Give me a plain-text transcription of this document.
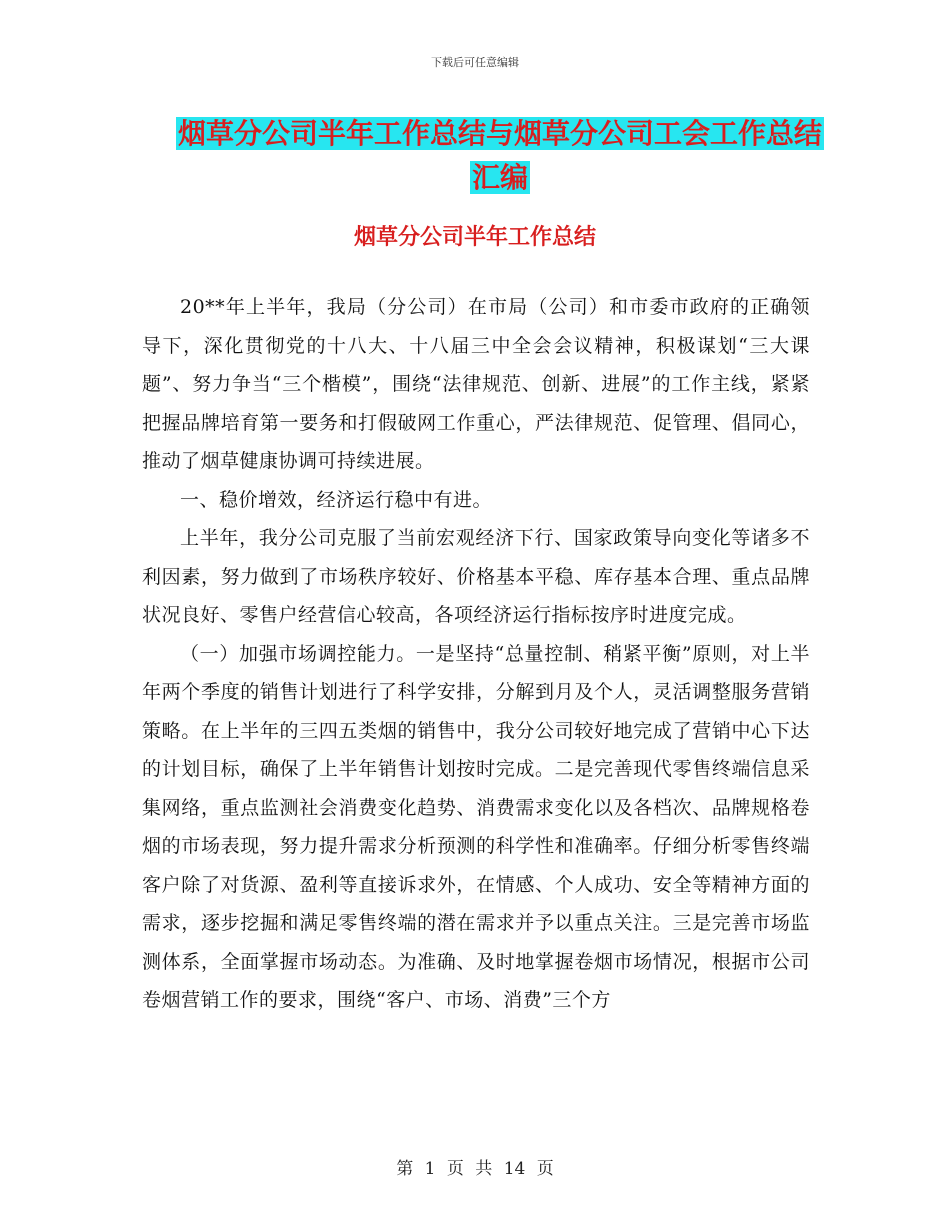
下载后可任意编辑
烟草分公司半年工作总结与烟草分公司工会工作总结
汇编
烟草分公司半年工作总结

20**年上半年，我局（分公司）在市局（公司）和市委市政府的正确领导下，深化贯彻党的十八大、十八届三中全会会议精神，积极谋划“三大课题”、努力争当“三个楷模”，围绕“法律规范、创新、进展”的工作主线，紧紧把握品牌培育第一要务和打假破网工作重心，严法律规范、促管理、倡同心，推动了烟草健康协调可持续进展。

一、稳价增效，经济运行稳中有进。

上半年，我分公司克服了当前宏观经济下行、国家政策导向变化等诸多不利因素，努力做到了市场秩序较好、价格基本平稳、库存基本合理、重点品牌状况良好、零售户经营信心较高，各项经济运行指标按序时进度完成。

（一）加强市场调控能力。一是坚持“总量控制、稍紧平衡”原则，对上半年两个季度的销售计划进行了科学安排，分解到月及个人，灵活调整服务营销策略。在上半年的三四五类烟的销售中，我分公司较好地完成了营销中心下达的计划目标，确保了上半年销售计划按时完成。二是完善现代零售终端信息采集网络，重点监测社会消费变化趋势、消费需求变化以及各档次、品牌规格卷烟的市场表现，努力提升需求分析预测的科学性和准确率。仔细分析零售终端客户除了对货源、盈利等直接诉求外，在情感、个人成功、安全等精神方面的需求，逐步挖掘和满足零售终端的潜在需求并予以重点关注。三是完善市场监测体系，全面掌握市场动态。为准确、及时地掌握卷烟市场情况，根据市公司卷烟营销工作的要求，围绕“客户、市场、消费”三个方

第 1 页 共 14 页
